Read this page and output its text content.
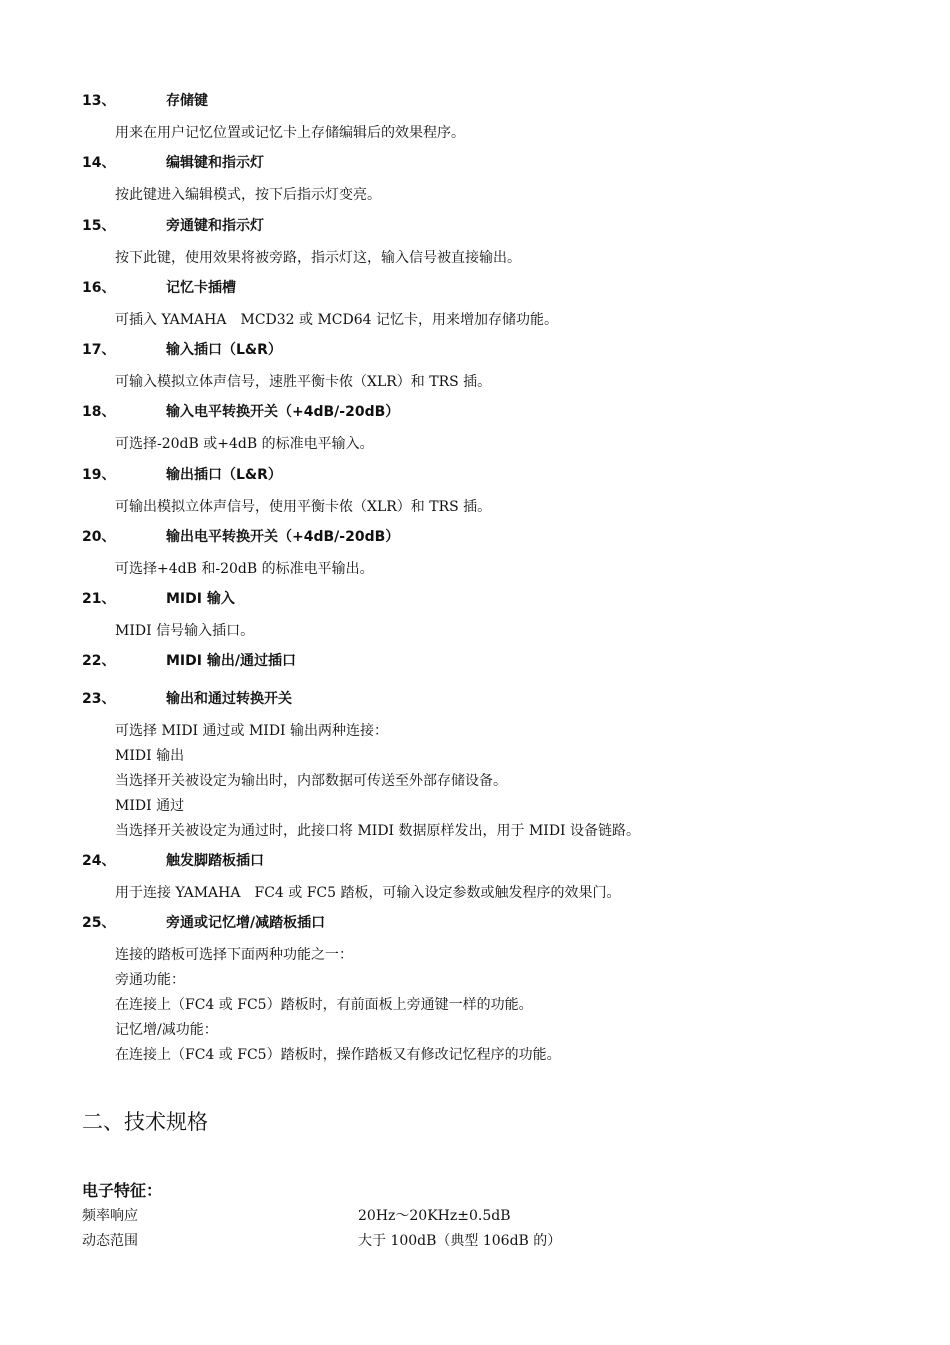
13、	存储键
用来在用户记忆位置或记忆卡上存储编辑后的效果程序。
14、	编辑键和指示灯
按此键进入编辑模式，按下后指示灯变亮。
15、	旁通键和指示灯
按下此键，使用效果将被旁路，指示灯这，输入信号被直接输出。
16、	记忆卡插槽
可插入 YAMAHA　MCD32 或 MCD64 记忆卡，用来增加存储功能。
17、	输入插口（L&R）
可输入模拟立体声信号，速胜平衡卡侬（XLR）和 TRS 插。
18、	输入电平转换开关（+4dB/-20dB）
可选择-20dB 或+4dB 的标准电平输入。
19、	输出插口（L&R）
可输出模拟立体声信号，使用平衡卡侬（XLR）和 TRS 插。
20、	输出电平转换开关（+4dB/-20dB）
可选择+4dB 和-20dB 的标准电平输出。
21、	MIDI 输入
MIDI 信号输入插口。
22、	MIDI 输出/通过插口
23、	输出和通过转换开关
可选择 MIDI 通过或 MIDI 输出两种连接：
MIDI 输出
当选择开关被设定为输出时，内部数据可传送至外部存储设备。
MIDI 通过
当选择开关被设定为通过时，此接口将 MIDI 数据原样发出，用于 MIDI 设备链路。
24、	触发脚踏板插口
用于连接 YAMAHA　FC4 或 FC5 踏板，可输入设定参数或触发程序的效果门。
25、	旁通或记忆增/减踏板插口
连接的踏板可选择下面两种功能之一：
旁通功能：
在连接上（FC4 或 FC5）踏板时，有前面板上旁通键一样的功能。
记忆增/减功能：
在连接上（FC4 或 FC5）踏板时，操作踏板又有修改记忆程序的功能。
二、技术规格
电子特征：
频率响应	20Hz～20KHz±0.5dB
动态范围	大于 100dB（典型 106dB 的）
